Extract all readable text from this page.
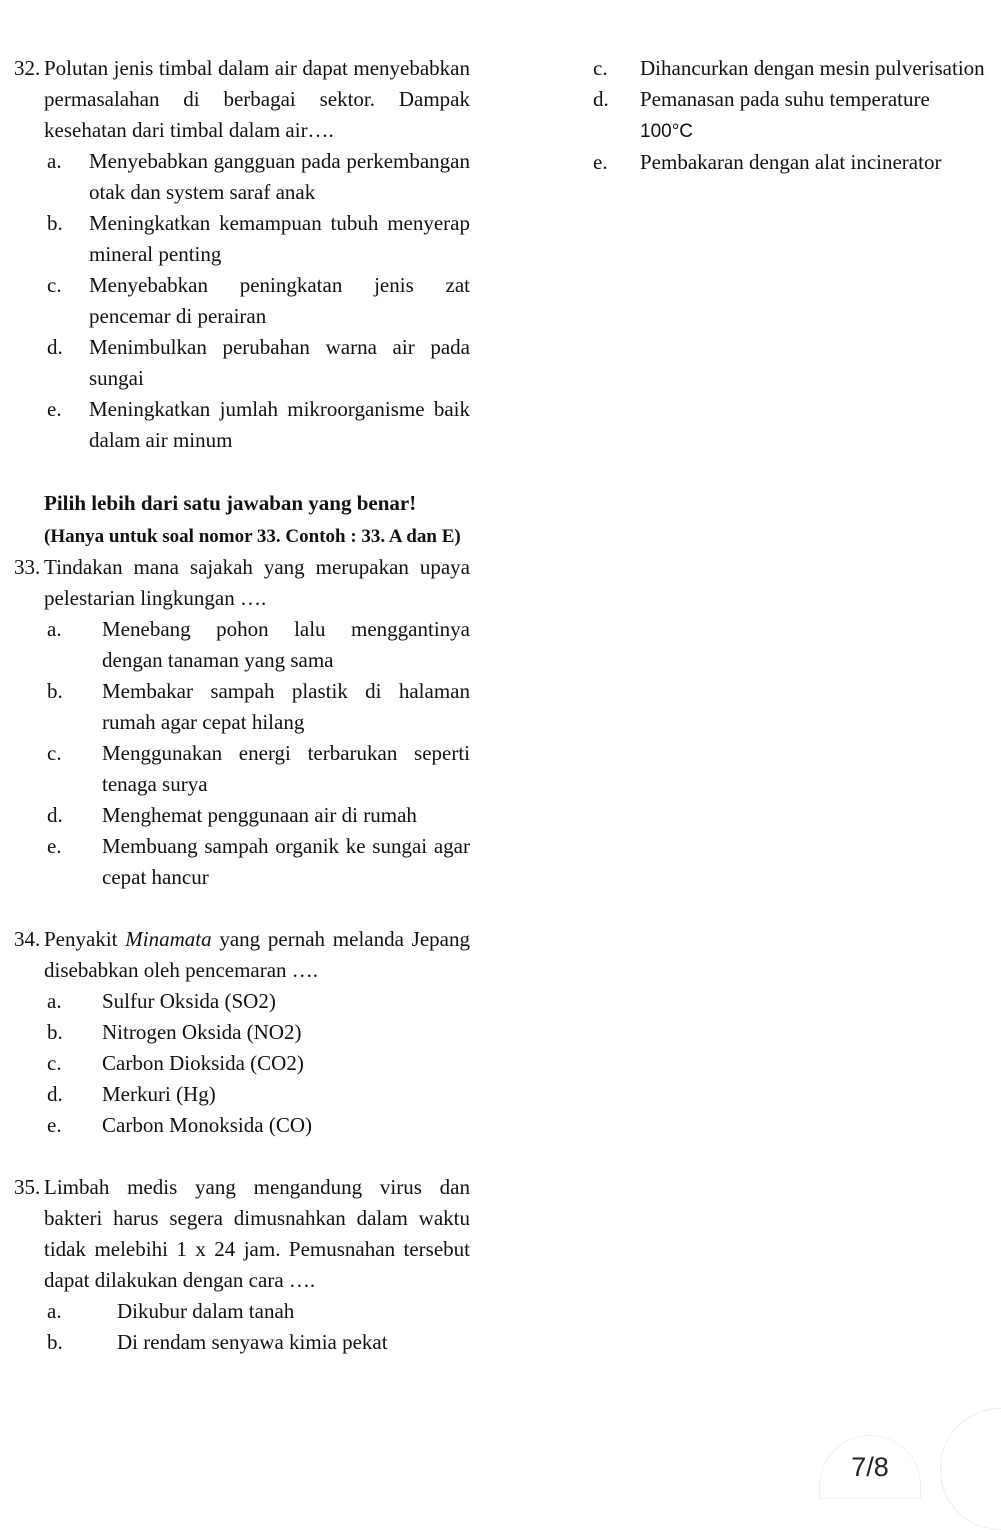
32. Polutan jenis timbal dalam air dapat menyebabkan permasalahan di berbagai sektor. Dampak kesehatan dari timbal dalam air….
a. Menyebabkan gangguan pada perkembangan otak dan system saraf anak
b. Meningkatkan kemampuan tubuh menyerap mineral penting
c. Menyebabkan peningkatan jenis zat pencemar di perairan
d. Menimbulkan perubahan warna air pada sungai
e. Meningkatkan jumlah mikroorganisme baik dalam air minum
Pilih lebih dari satu jawaban yang benar!
(Hanya untuk soal nomor 33. Contoh : 33. A dan E)
33. Tindakan mana sajakah yang merupakan upaya pelestarian lingkungan ….
a. Menebang pohon lalu menggantinya dengan tanaman yang sama
b. Membakar sampah plastik di halaman rumah agar cepat hilang
c. Menggunakan energi terbarukan seperti tenaga surya
d. Menghemat penggunaan air di rumah
e. Membuang sampah organik ke sungai agar cepat hancur
34. Penyakit Minamata yang pernah melanda Jepang disebabkan oleh pencemaran ….
a. Sulfur Oksida (SO2)
b. Nitrogen Oksida (NO2)
c. Carbon Dioksida (CO2)
d. Merkuri (Hg)
e. Carbon Monoksida (CO)
35. Limbah medis yang mengandung virus dan bakteri harus segera dimusnahkan dalam waktu tidak melebihi 1 x 24 jam. Pemusnahan tersebut dapat dilakukan dengan cara ….
a.	Dikubur dalam tanah
b.	Di rendam senyawa kimia pekat
c. Dihancurkan dengan mesin pulverisation
d. Pemanasan pada suhu temperature
100°C
e. Pembakaran dengan alat incinerator
7/8
